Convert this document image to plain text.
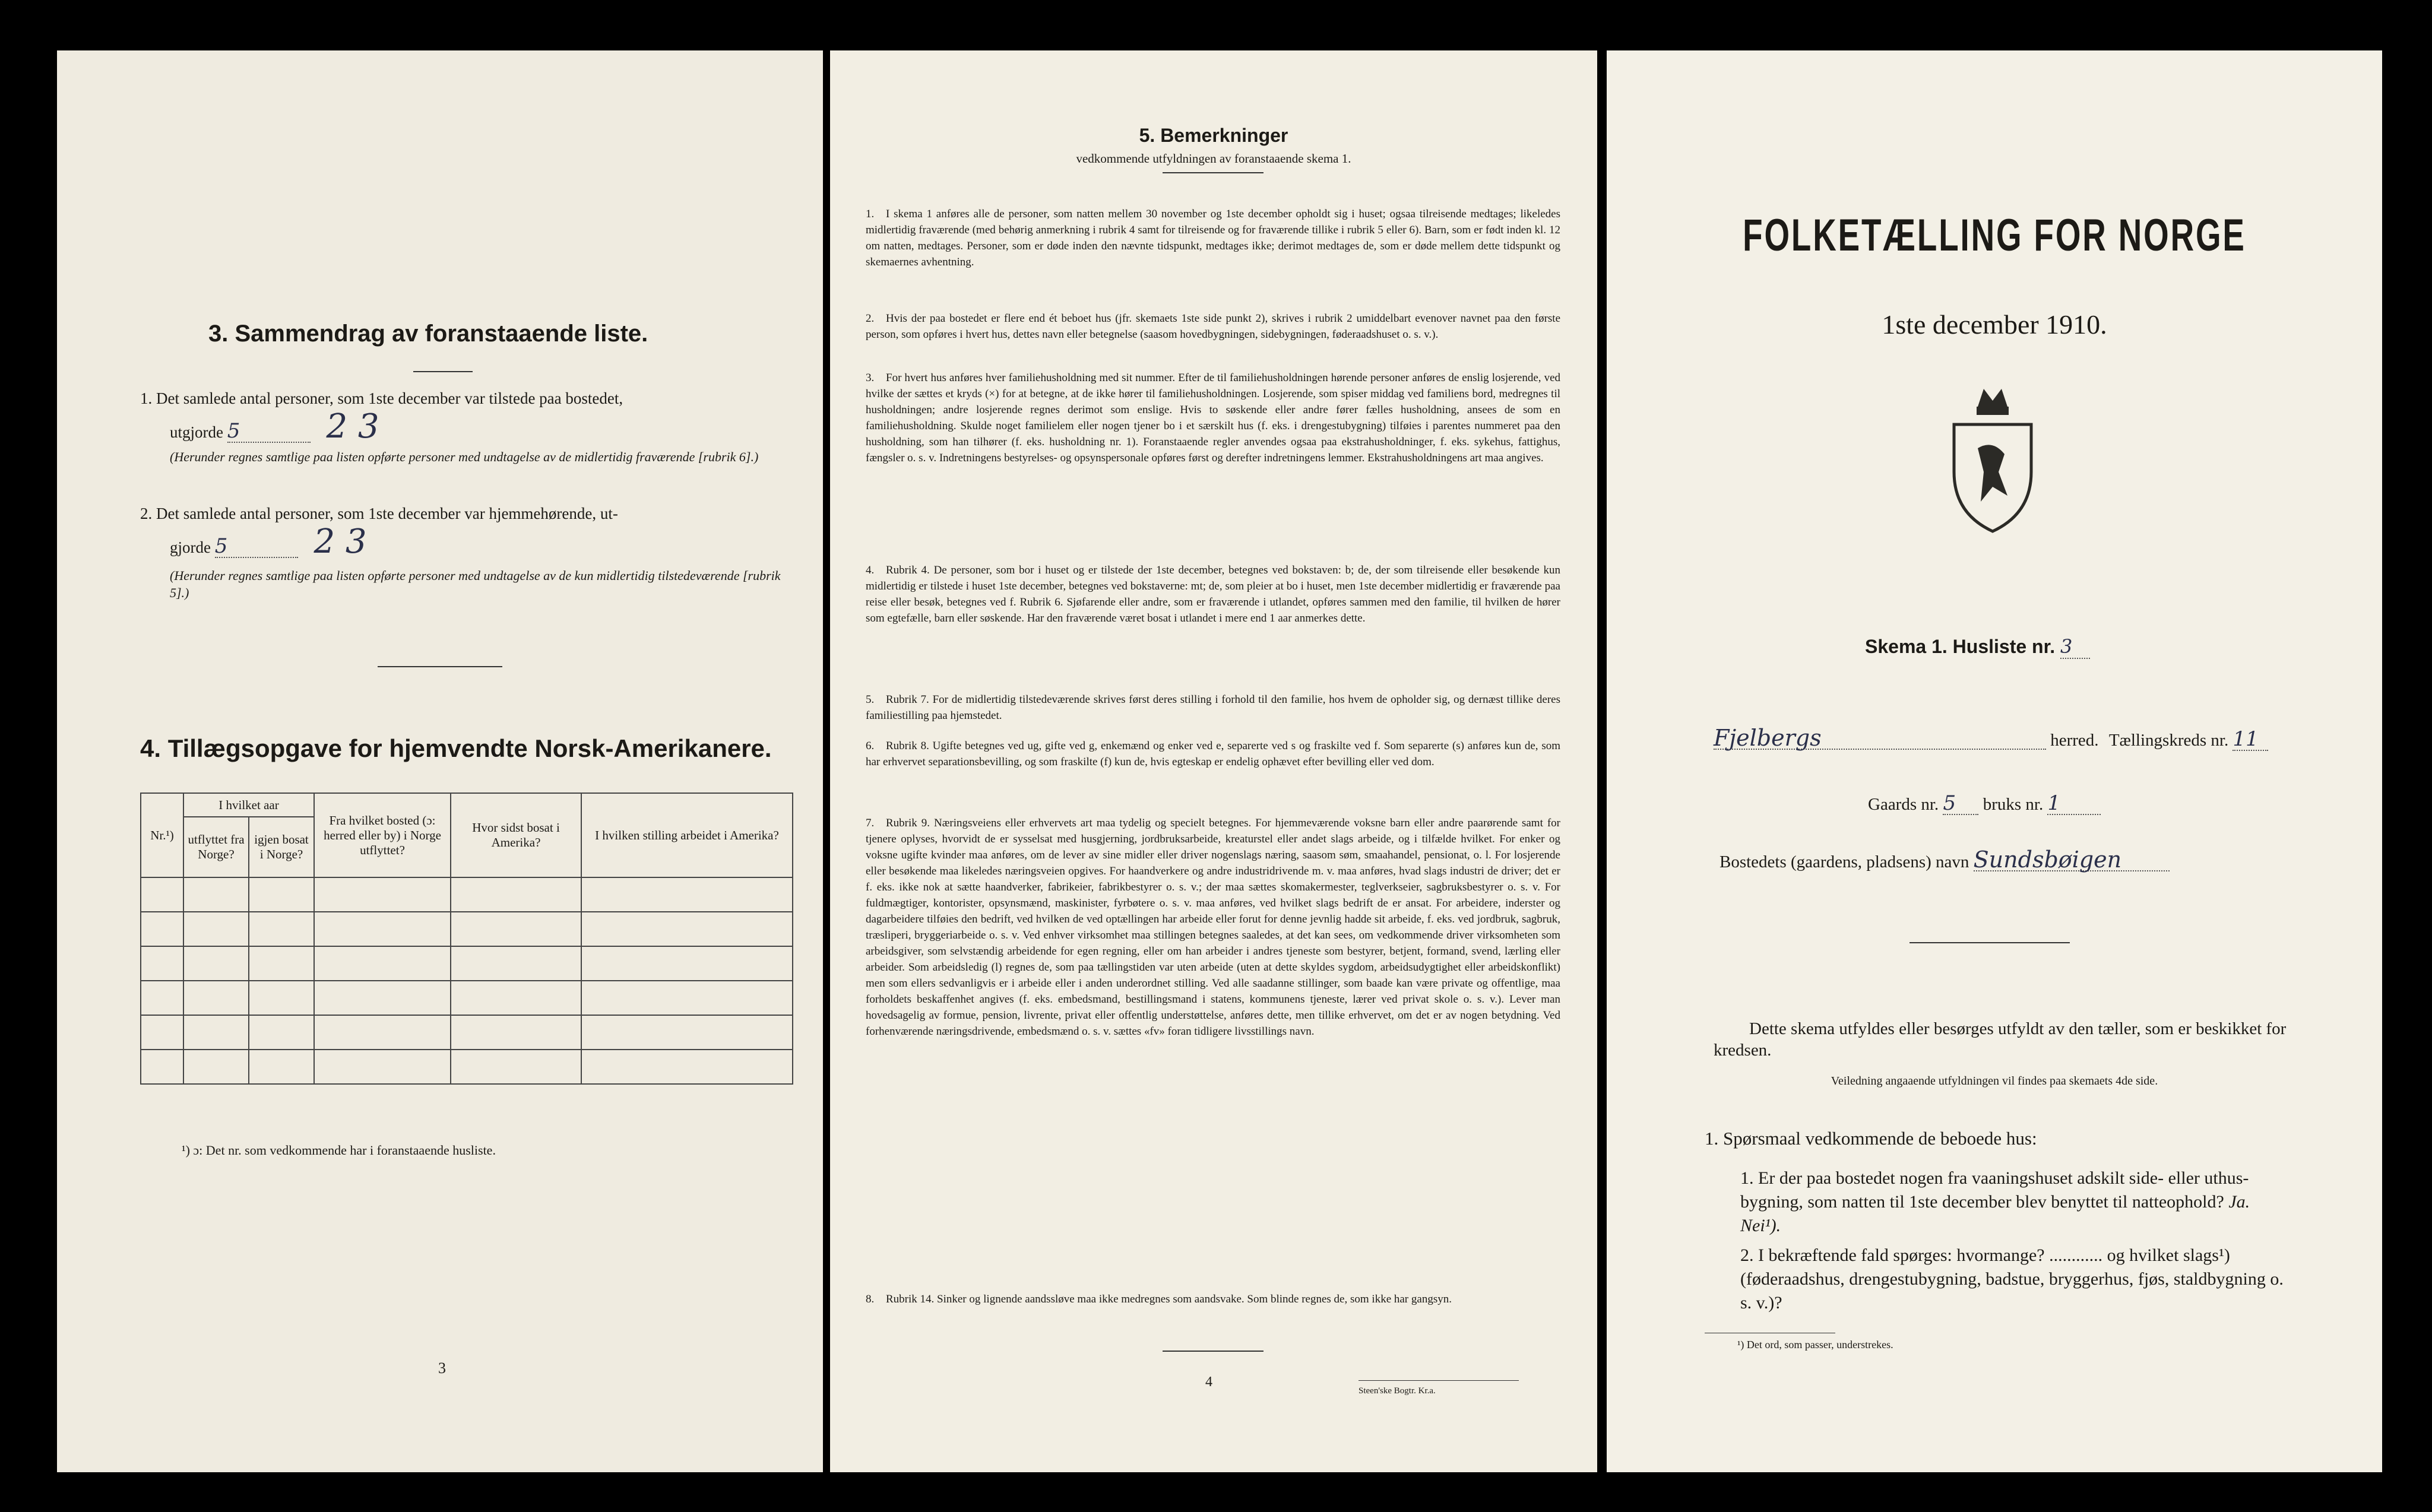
3. Sammendrag av foranstaaende liste.
1. Det samlede antal personer, som 1ste december var tilstede paa bostedet,
utgjorde 5	2 3
(Herunder regnes samtlige paa listen opførte personer med undtagelse av de midlertidig fraværende [rubrik 6].)
2. Det samlede antal personer, som 1ste december var hjemmehørende, ut-
gjorde 5	2 3
(Herunder regnes samtlige paa listen opførte personer med undtagelse av de kun midlertidig tilstedeværende [rubrik 5].)
4. Tillægsopgave for hjemvendte Norsk-Amerikanere.
Nr.¹)	I hvilket aar		Fra hvilket bosted (ɔ: herred eller by) i Norge utflyttet?	Hvor sidst bosat i Amerika?	I hvilken stilling arbeidet i Amerika?
	utflyttet fra Norge?	igjen bosat i Norge?			

¹) ɔ: Det nr. som vedkommende har i foranstaaende husliste.
3
5. Bemerkninger
vedkommende utfyldningen av foranstaaende skema 1.
1. I skema 1 anføres alle de personer, som natten mellem 30 november og 1ste december opholdt sig i huset; ogsaa tilreisende medtages; likeledes midlertidig fraværende (med behørig anmerkning i rubrik 4 samt for tilreisende og for fraværende tillike i rubrik 5 eller 6). Barn, som er født inden kl. 12 om natten, medtages. Personer, som er døde inden den nævnte tidspunkt, medtages ikke; derimot medtages de, som er døde mellem dette tidspunkt og skemaernes avhentning.
2. Hvis der paa bostedet er flere end ét beboet hus (jfr. skemaets 1ste side punkt 2), skrives i rubrik 2 umiddelbart evenover navnet paa den første person, som opføres i hvert hus, dettes navn eller betegnelse (saasom hovedbygningen, sidebygningen, føderaadshuset o. s. v.).
3. For hvert hus anføres hver familiehusholdning med sit nummer. Efter de til familiehusholdningen hørende personer anføres de enslig losjerende, ved hvilke der sættes et kryds (×) for at betegne, at de ikke hører til familiehusholdningen. Losjerende, som spiser middag ved familiens bord, medregnes til husholdningen; andre losjerende regnes derimot som enslige. Hvis to søskende eller andre fører fælles husholdning, ansees de som en familiehusholdning. Skulde noget familielem eller nogen tjener bo i et særskilt hus (f. eks. i drengestubygning) tilføies i parentes nummeret paa den husholdning, som han tilhører (f. eks. husholdning nr. 1). Foranstaaende regler anvendes ogsaa paa ekstrahusholdninger, f. eks. sykehus, fattighus, fængsler o. s. v. Indretningens bestyrelses- og opsynspersonale opføres først og derefter indretningens lemmer. Ekstrahusholdningens art maa angives.
4. Rubrik 4. De personer, som bor i huset og er tilstede der 1ste december, betegnes ved bokstaven: b; de, der som tilreisende eller besøkende kun midlertidig er tilstede i huset 1ste december, betegnes ved bokstaverne: mt; de, som pleier at bo i huset, men 1ste december midlertidig er fraværende paa reise eller besøk, betegnes ved f. Rubrik 6. Sjøfarende eller andre, som er fraværende i utlandet, opføres sammen med den familie, til hvilken de hører som egtefælle, barn eller søskende. Har den fraværende været bosat i utlandet i mere end 1 aar anmerkes dette.
5. Rubrik 7. For de midlertidig tilstedeværende skrives først deres stilling i forhold til den familie, hos hvem de opholder sig, og dernæst tillike deres familiestilling paa hjemstedet.
6. Rubrik 8. Ugifte betegnes ved ug, gifte ved g, enkemænd og enker ved e, separerte ved s og fraskilte ved f. Som separerte (s) anføres kun de, som har erhvervet separationsbevilling, og som fraskilte (f) kun de, hvis egteskap er endelig ophævet efter bevilling eller ved dom.
7. Rubrik 9. Næringsveiens eller erhvervets art maa tydelig og specielt betegnes. For hjemmeværende voksne barn eller andre paarørende samt for tjenere oplyses, hvorvidt de er sysselsat med husgjerning, jordbruksarbeide, kreaturstel eller andet slags arbeide, og i tilfælde hvilket. For enker og voksne ugifte kvinder maa anføres, om de lever av sine midler eller driver nogenslags næring, saasom søm, smaahandel, pensionat, o. l. For losjerende eller besøkende maa likeledes næringsveien opgives. For haandverkere og andre industridrivende m. v. maa anføres, hvad slags industri de driver; det er f. eks. ikke nok at sætte haandverker, fabrikeier, fabrikbestyrer o. s. v.; der maa sættes skomakermester, teglverkseier, sagbruksbestyrer o. s. v. For fuldmægtiger, kontorister, opsynsmænd, maskinister, fyrbøtere o. s. v. maa anføres, ved hvilket slags bedrift de er ansat. For arbeidere, inderster og dagarbeidere tilføies den bedrift, ved hvilken de ved optællingen har arbeide eller forut for denne jevnlig hadde sit arbeide, f. eks. ved jordbruk, sagbruk, træsliperi, bryggeriarbeide o. s. v. Ved enhver virksomhet maa stillingen betegnes saaledes, at det kan sees, om vedkommende driver virksomheten som arbeidsgiver, som selvstændig arbeidende for egen regning, eller om han arbeider i andres tjeneste som bestyrer, betjent, formand, svend, lærling eller arbeider. Som arbeidsledig (l) regnes de, som paa tællingstiden var uten arbeide (uten at dette skyldes sygdom, arbeidsudygtighet eller arbeidskonflikt) men som ellers sedvanligvis er i arbeide eller i anden underordnet stilling. Ved alle saadanne stillinger, som baade kan være private og offentlige, maa forholdets beskaffenhet angives (f. eks. embedsmand, bestillingsmand i statens, kommunens tjeneste, lærer ved privat skole o. s. v.). Lever man hovedsagelig av formue, pension, livrente, privat eller offentlig understøttelse, anføres dette, men tillike erhvervet, om det er av nogen betydning. Ved forhenværende næringsdrivende, embedsmænd o. s. v. sættes «fv» foran tidligere livsstillings navn.
8. Rubrik 14. Sinker og lignende aandssløve maa ikke medregnes som aandsvake. Som blinde regnes de, som ikke har gangsyn.
4
Steen'ske Bogtr. Kr.a.
FOLKETÆLLING FOR NORGE
1ste december 1910.
Skema 1. Husliste nr. 3
Fjelbergs	herred. Tællingskreds nr. 11
Gaards nr. 5 bruks nr. 1
Bostedets (gaardens, pladsens) navn Sundsbøigen
Dette skema utfyldes eller besørges utfyldt av den tæller, som er beskikket for kredsen.
Veiledning angaaende utfyldningen vil findes paa skemaets 4de side.
1. Spørsmaal vedkommende de beboede hus:
1. Er der paa bostedet nogen fra vaaningshuset adskilt side- eller uthus-bygning, som natten til 1ste december blev benyttet til natteophold? Ja. Nei¹).
2. I bekræftende fald spørges: hvormange? ............ og hvilket slags¹) (føderaadshus, drengestubygning, badstue, bryggerhus, fjøs, staldbygning o. s. v.)?
¹) Det ord, som passer, understrekes.
